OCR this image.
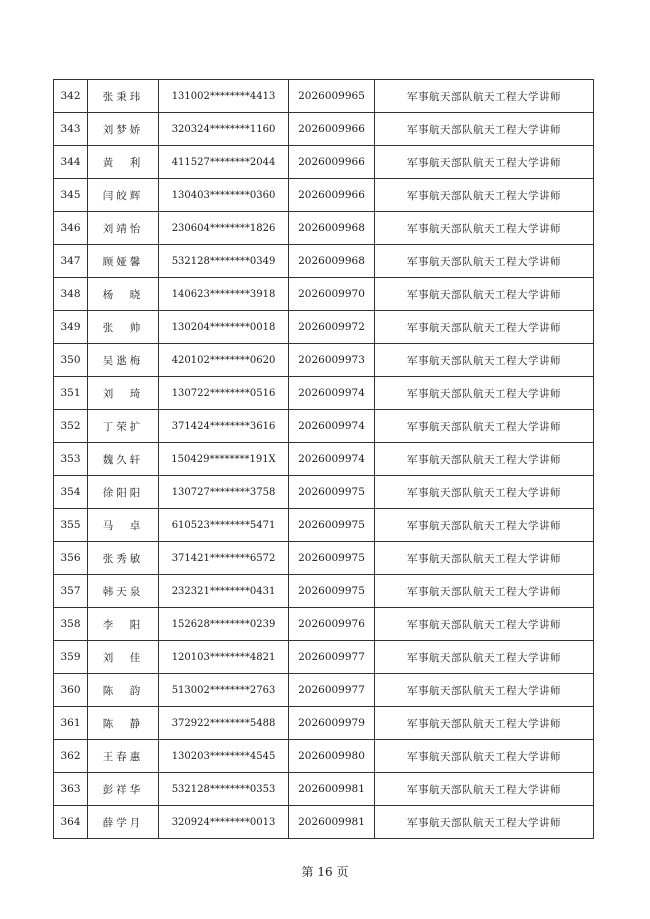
342	张秉玮	131002********4413	2026009965	军事航天部队航天工程大学讲师
343	刘梦娇	320324********1160	2026009966	军事航天部队航天工程大学讲师
344	黄　利	411527********2044	2026009966	军事航天部队航天工程大学讲师
345	闫皎辉	130403********0360	2026009966	军事航天部队航天工程大学讲师
346	刘靖怡	230604********1826	2026009968	军事航天部队航天工程大学讲师
347	顾娅馨	532128********0349	2026009968	军事航天部队航天工程大学讲师
348	杨　晓	140623********3918	2026009970	军事航天部队航天工程大学讲师
349	张　帅	130204********0018	2026009972	军事航天部队航天工程大学讲师
350	吴逖梅	420102********0620	2026009973	军事航天部队航天工程大学讲师
351	刘　琦	130722********0516	2026009974	军事航天部队航天工程大学讲师
352	丁荣扩	371424********3616	2026009974	军事航天部队航天工程大学讲师
353	魏久轩	150429********191X	2026009974	军事航天部队航天工程大学讲师
354	徐阳阳	130727********3758	2026009975	军事航天部队航天工程大学讲师
355	马　卓	610523********5471	2026009975	军事航天部队航天工程大学讲师
356	张秀敏	371421********6572	2026009975	军事航天部队航天工程大学讲师
357	韩天泉	232321********0431	2026009975	军事航天部队航天工程大学讲师
358	李　阳	152628********0239	2026009976	军事航天部队航天工程大学讲师
359	刘　佳	120103********4821	2026009977	军事航天部队航天工程大学讲师
360	陈　韵	513002********2763	2026009977	军事航天部队航天工程大学讲师
361	陈　静	372922********5488	2026009979	军事航天部队航天工程大学讲师
362	王春惠	130203********4545	2026009980	军事航天部队航天工程大学讲师
363	彭祥华	532128********0353	2026009981	军事航天部队航天工程大学讲师
364	薛学月	320924********0013	2026009981	军事航天部队航天工程大学讲师
第 16 页
